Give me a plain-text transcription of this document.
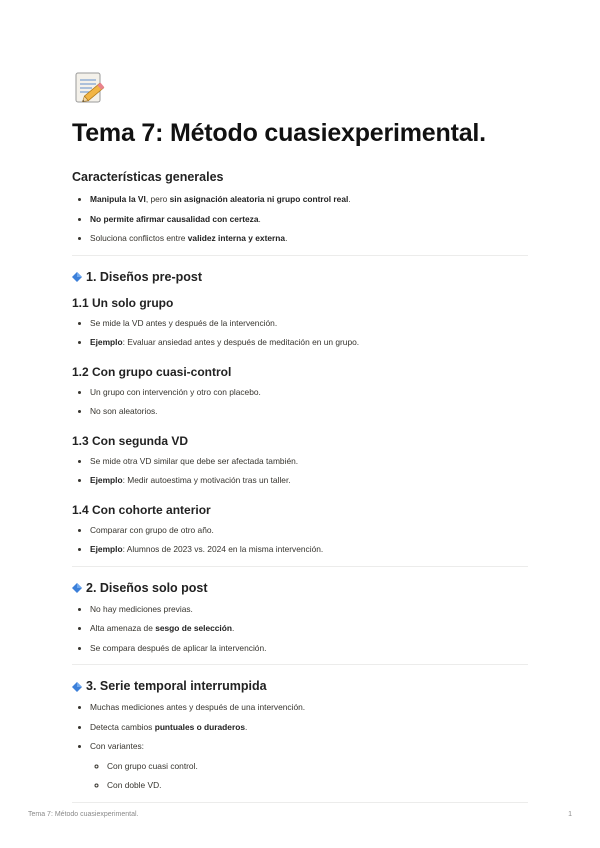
Tema 7: Método cuasiexperimental.
Características generales
• Manipula la VI, pero sin asignación aleatoria ni grupo control real.
• No permite afirmar causalidad con certeza.
• Soluciona conflictos entre validez interna y externa.
1. Diseños pre-post
1.1 Un solo grupo
• Se mide la VD antes y después de la intervención.
• Ejemplo: Evaluar ansiedad antes y después de meditación en un grupo.
1.2 Con grupo cuasi-control
• Un grupo con intervención y otro con placebo.
• No son aleatorios.
1.3 Con segunda VD
• Se mide otra VD similar que debe ser afectada también.
• Ejemplo: Medir autoestima y motivación tras un taller.
1.4 Con cohorte anterior
• Comparar con grupo de otro año.
• Ejemplo: Alumnos de 2023 vs. 2024 en la misma intervención.
2. Diseños solo post
• No hay mediciones previas.
• Alta amenaza de sesgo de selección.
• Se compara después de aplicar la intervención.
3. Serie temporal interrumpida
• Muchas mediciones antes y después de una intervención.
• Detecta cambios puntuales o duraderos.
• Con variantes:
◦ Con grupo cuasi control.
◦ Con doble VD.
Tema 7: Método cuasiexperimental.	1
